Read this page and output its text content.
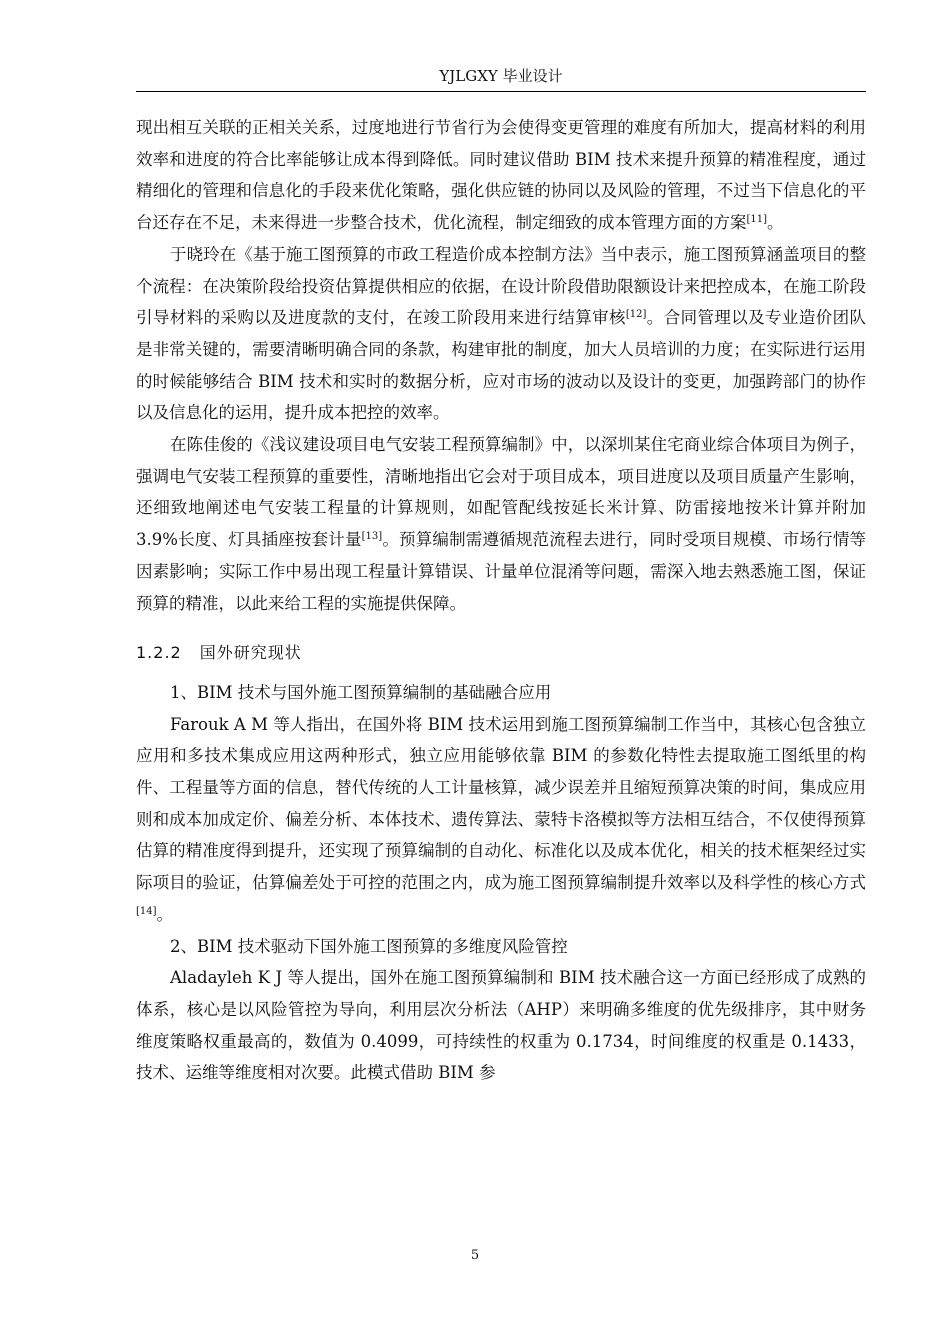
YJLGXY 毕业设计

现出相互关联的正相关关系，过度地进行节省行为会使得变更管理的难度有所加大，提高材料的利用效率和进度的符合比率能够让成本得到降低。同时建议借助 BIM 技术来提升预算的精准程度，通过精细化的管理和信息化的手段来优化策略，强化供应链的协同以及风险的管理，不过当下信息化的平台还存在不足，未来得进一步整合技术，优化流程，制定细致的成本管理方面的方案[11]。

于晓玲在《基于施工图预算的市政工程造价成本控制方法》当中表示，施工图预算涵盖项目的整个流程：在决策阶段给投资估算提供相应的依据，在设计阶段借助限额设计来把控成本，在施工阶段引导材料的采购以及进度款的支付，在竣工阶段用来进行结算审核[12]。合同管理以及专业造价团队是非常关键的，需要清晰明确合同的条款，构建审批的制度，加大人员培训的力度；在实际进行运用的时候能够结合 BIM 技术和实时的数据分析，应对市场的波动以及设计的变更，加强跨部门的协作以及信息化的运用，提升成本把控的效率。

在陈佳俊的《浅议建设项目电气安装工程预算编制》中，以深圳某住宅商业综合体项目为例子，强调电气安装工程预算的重要性，清晰地指出它会对于项目成本，项目进度以及项目质量产生影响，还细致地阐述电气安装工程量的计算规则，如配管配线按延长米计算、防雷接地按米计算并附加 3.9%长度、灯具插座按套计量[13]。预算编制需遵循规范流程去进行，同时受项目规模、市场行情等因素影响；实际工作中易出现工程量计算错误、计量单位混淆等问题，需深入地去熟悉施工图，保证预算的精准，以此来给工程的实施提供保障。

1.2.2 国外研究现状

1、BIM 技术与国外施工图预算编制的基础融合应用

Farouk A M 等人指出，在国外将 BIM 技术运用到施工图预算编制工作当中，其核心包含独立应用和多技术集成应用这两种形式，独立应用能够依靠 BIM 的参数化特性去提取施工图纸里的构件、工程量等方面的信息，替代传统的人工计量核算，减少误差并且缩短预算决策的时间，集成应用则和成本加成定价、偏差分析、本体技术、遗传算法、蒙特卡洛模拟等方法相互结合，不仅使得预算估算的精准度得到提升，还实现了预算编制的自动化、标准化以及成本优化，相关的技术框架经过实际项目的验证，估算偏差处于可控的范围之内，成为施工图预算编制提升效率以及科学性的核心方式[14]。

2、BIM 技术驱动下国外施工图预算的多维度风险管控

Aladayleh K J 等人提出，国外在施工图预算编制和 BIM 技术融合这一方面已经形成了成熟的体系，核心是以风险管控为导向，利用层次分析法（AHP）来明确多维度的优先级排序，其中财务维度策略权重最高的，数值为 0.4099，可持续性的权重为 0.1734，时间维度的权重是 0.1433，技术、运维等维度相对次要。此模式借助 BIM 参

5
